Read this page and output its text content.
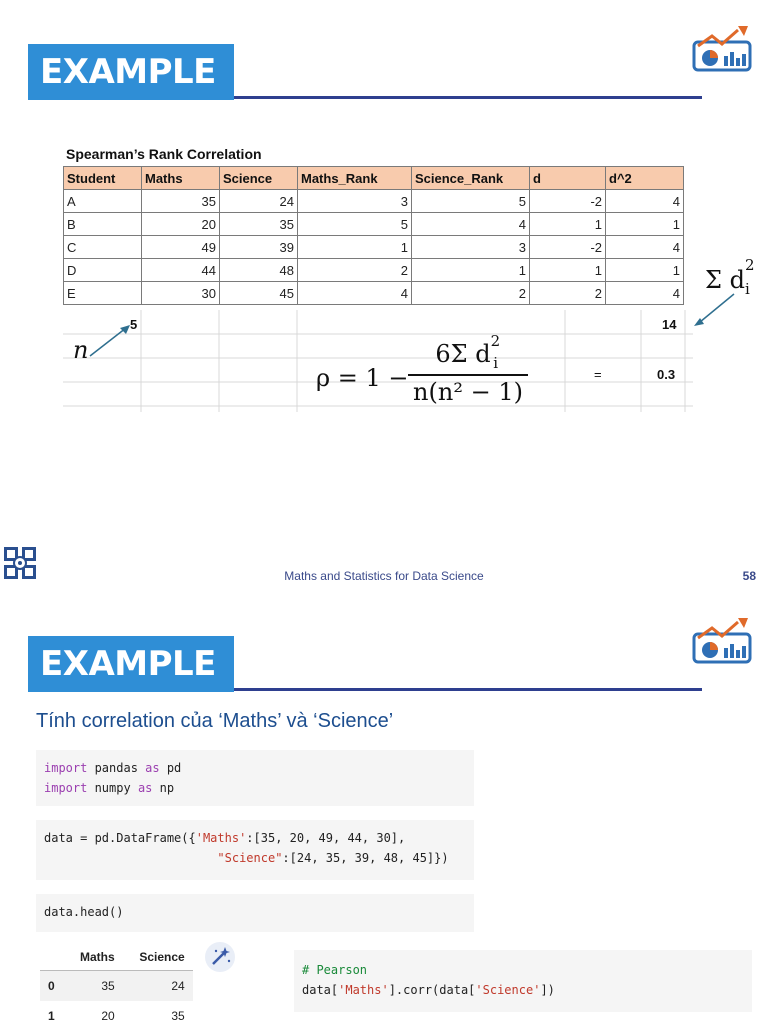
EXAMPLE
Spearman’s Rank Correlation
Student	Maths	Science	Maths_Rank	Science_Rank	d	d^2
A	35	24	3	5	-2	4
B	20	35	5	4	1	1
C	49	39	1	3	-2	4
D	44	48	2	1	1	1
E	30	45	4	2	2	4
5	14
=	0.3
n
Σ d
2
i
ρ = 1 −
6Σ d 2
i
n(n² − 1)
Maths and Statistics for Data Science	58
EXAMPLE
Tính correlation của ‘Maths’ và ‘Science’
import pandas as pd
import numpy as np
data = pd.DataFrame({'Maths':[35, 20, 49, 44, 30],
"Science":[24, 35, 39, 48, 45]})
data.head()
	Maths	Science
0	35	24
1	20	35
# Pearson
data['Maths'].corr(data['Science'])
